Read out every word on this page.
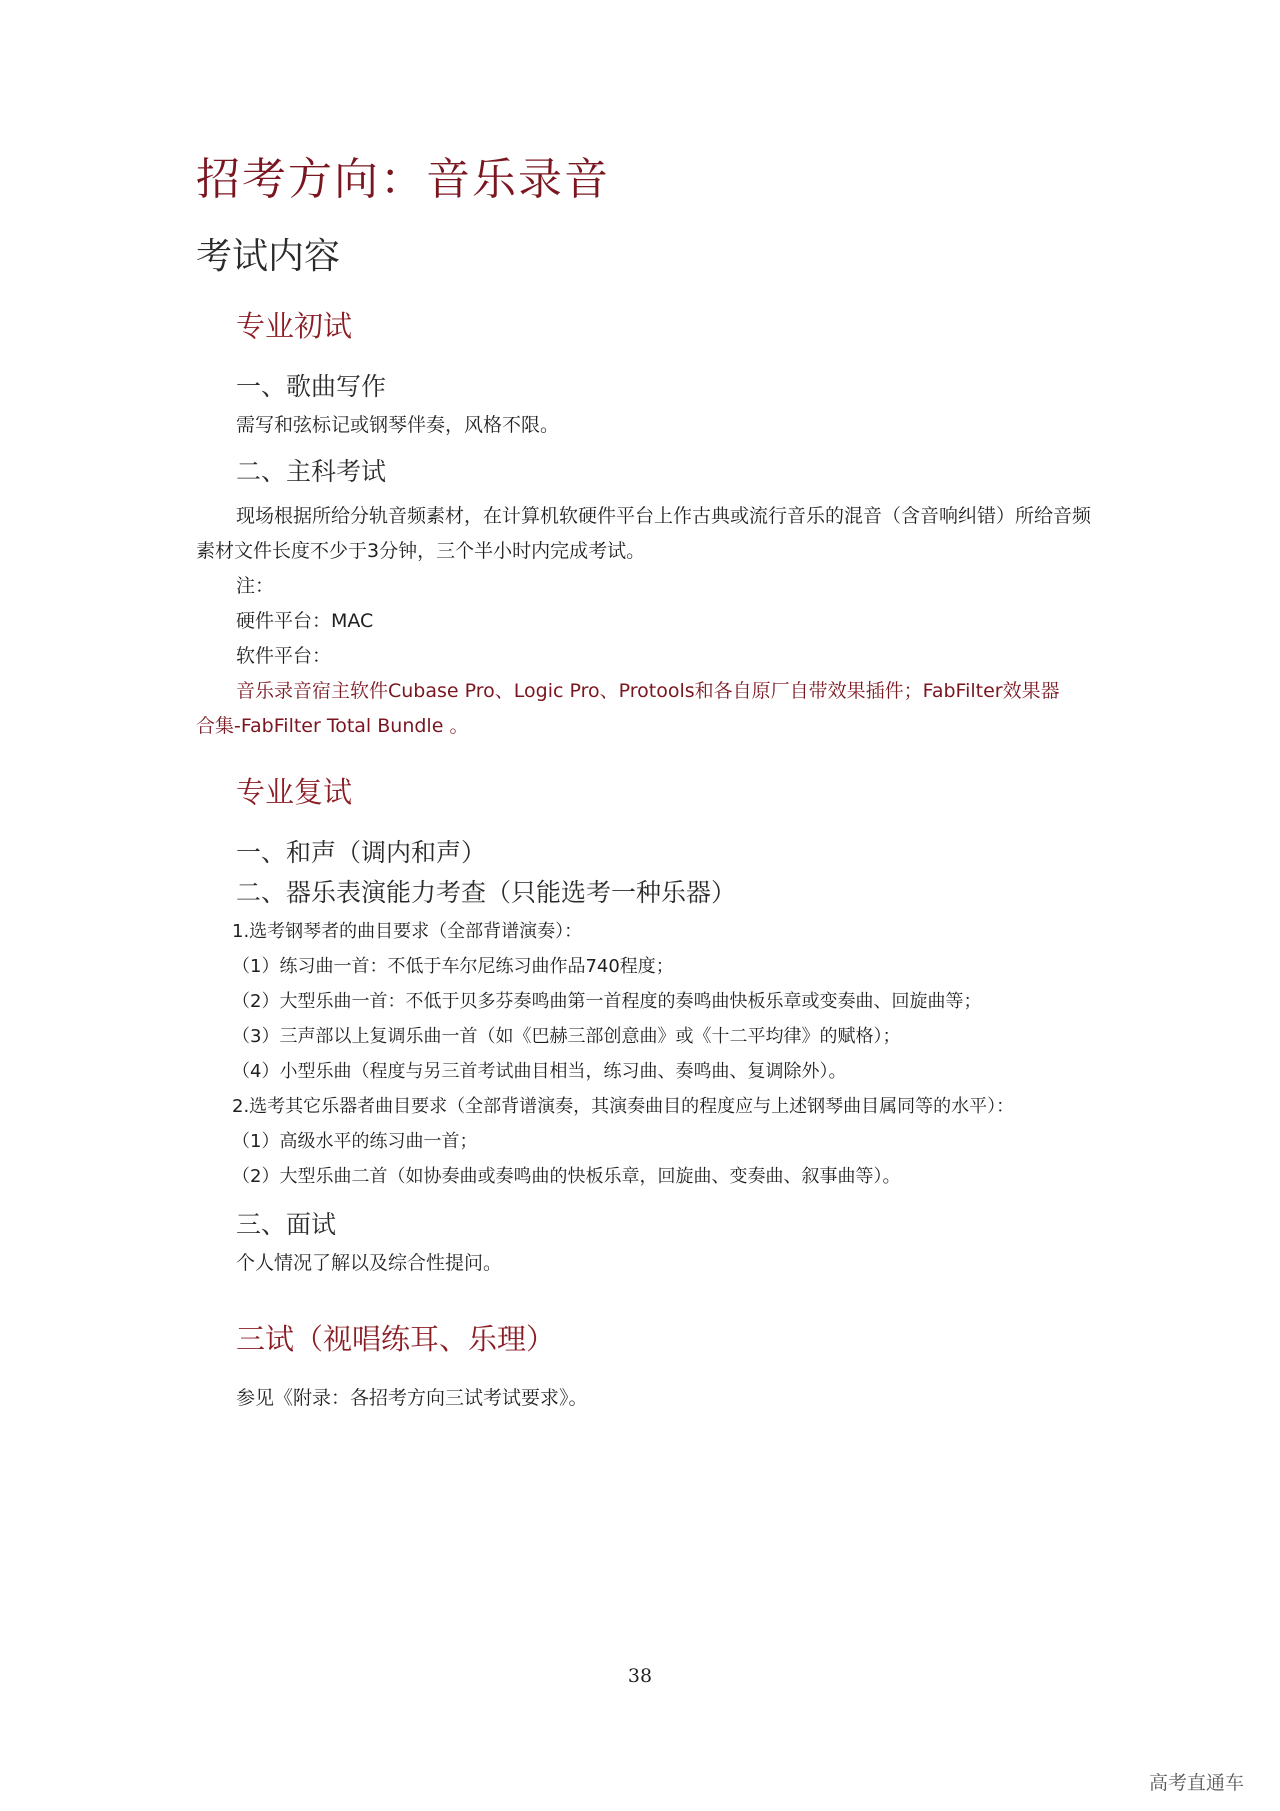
招考方向：音乐录音
考试内容
专业初试
一、歌曲写作

需写和弦标记或钢琴伴奏，风格不限。

二、主科考试

现场根据所给分轨音频素材，在计算机软硬件平台上作古典或流行音乐的混音（含音响纠错）所给音频素材文件长度不少于3分钟，三个半小时内完成考试。

注：
硬件平台：MAC
软件平台：
音乐录音宿主软件Cubase Pro、Logic Pro、Protools和各自原厂自带效果插件；FabFilter效果器
合集-FabFilter Total Bundle 。
专业复试
一、和声（调内和声）
二、器乐表演能力考查（只能选考一种乐器）
1.选考钢琴者的曲目要求（全部背谱演奏）：
（1）练习曲一首：不低于车尔尼练习曲作品740程度；
（2）大型乐曲一首：不低于贝多芬奏鸣曲第一首程度的奏鸣曲快板乐章或变奏曲、回旋曲等；
（3）三声部以上复调乐曲一首（如《巴赫三部创意曲》或《十二平均律》的赋格）；
（4）小型乐曲（程度与另三首考试曲目相当，练习曲、奏鸣曲、复调除外）。
2.选考其它乐器者曲目要求（全部背谱演奏，其演奏曲目的程度应与上述钢琴曲目属同等的水平）：
（1）高级水平的练习曲一首；
（2）大型乐曲二首（如协奏曲或奏鸣曲的快板乐章，回旋曲、变奏曲、叙事曲等）。
三、面试

个人情况了解以及综合性提问。

三试（视唱练耳、乐理）

参见《附录：各招考方向三试考试要求》。

38
高考直通车
